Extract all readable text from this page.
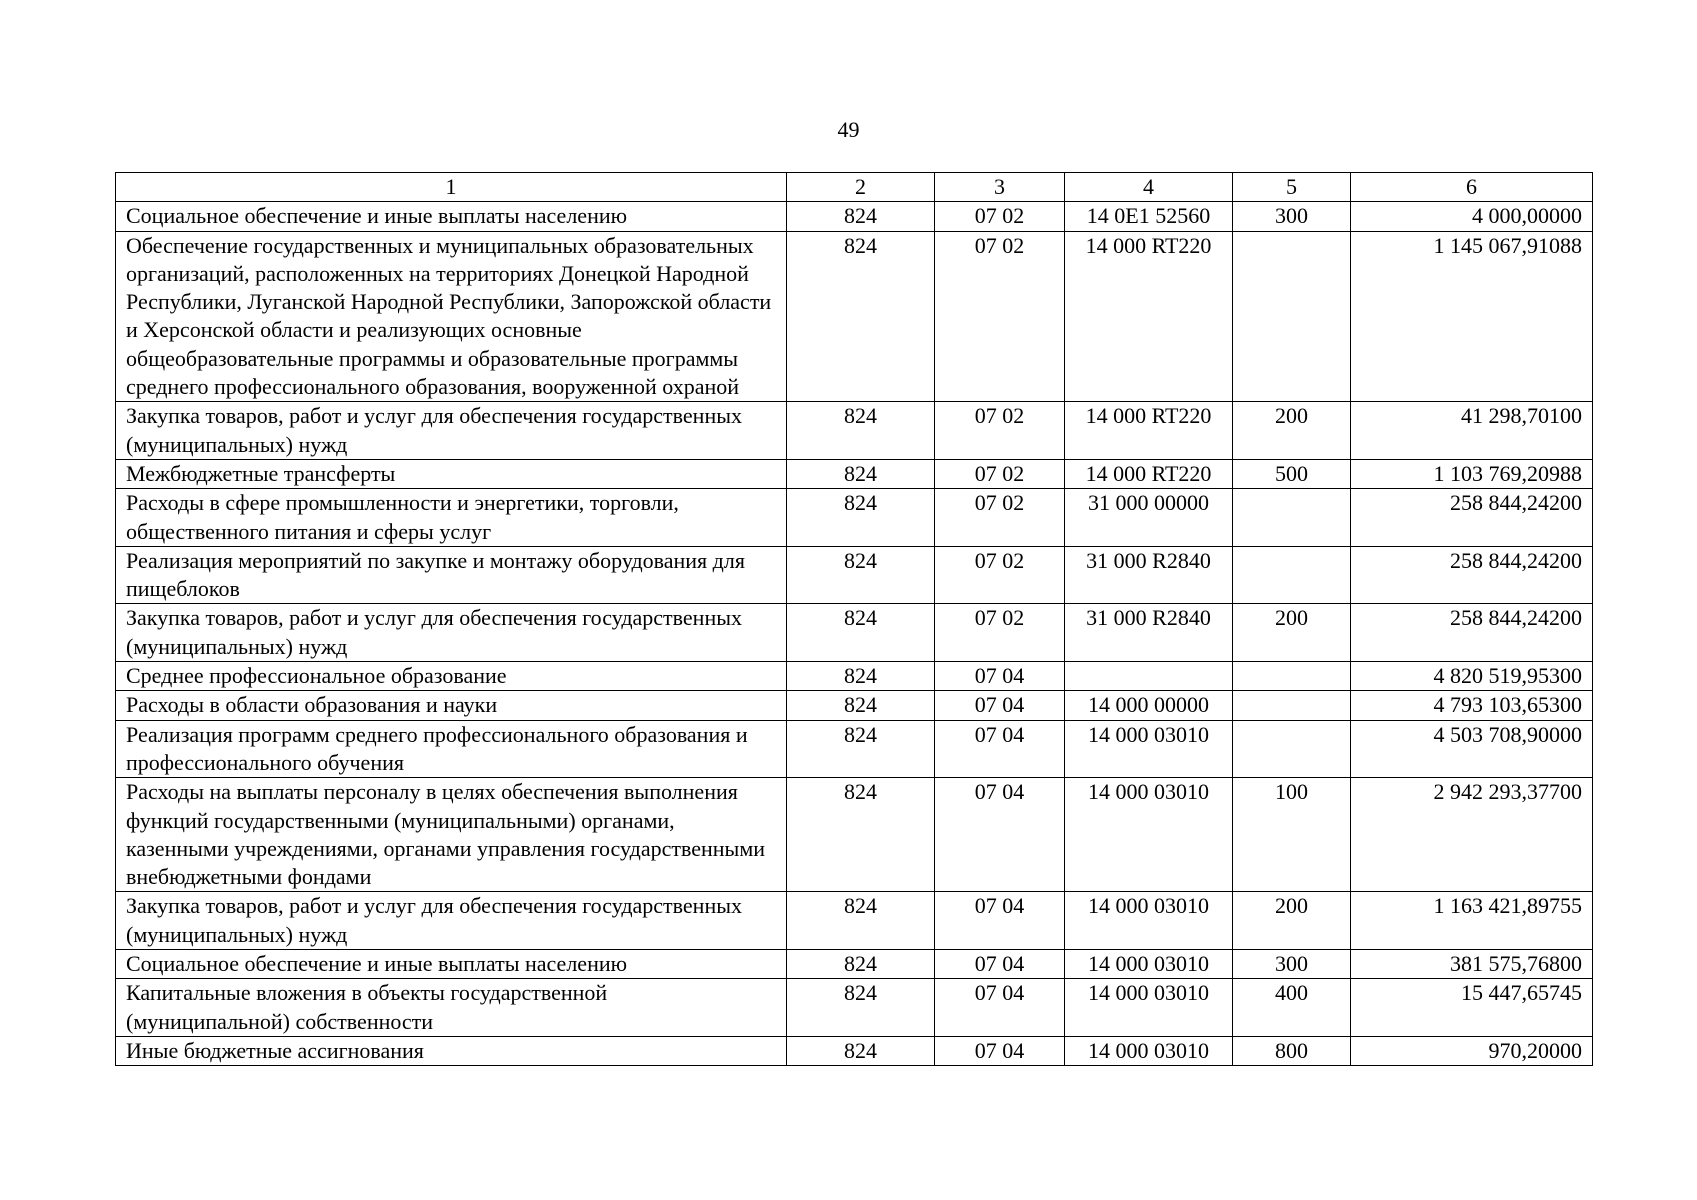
49
1	2	3	4	5	6
Социальное обеспечение и иные выплаты населению	824	07 02	14 0E1 52560	300	4 000,00000
Обеспечение государственных и муниципальных образовательных организаций, расположенных на территориях Донецкой Народной Республики, Луганской Народной Республики, Запорожской области и Херсонской области и реализующих основные общеобразовательные программы и образовательные программы среднего профессионального образования, вооруженной охраной	824	07 02	14 000 RT220		1 145 067,91088
Закупка товаров, работ и услуг для обеспечения государственных (муниципальных) нужд	824	07 02	14 000 RT220	200	41 298,70100
Межбюджетные трансферты	824	07 02	14 000 RT220	500	1 103 769,20988
Расходы в сфере промышленности и энергетики, торговли, общественного питания и сферы услуг	824	07 02	31 000 00000		258 844,24200
Реализация мероприятий по закупке и монтажу оборудования для пищеблоков	824	07 02	31 000 R2840		258 844,24200
Закупка товаров, работ и услуг для обеспечения государственных (муниципальных) нужд	824	07 02	31 000 R2840	200	258 844,24200
Среднее профессиональное образование	824	07 04			4 820 519,95300
Расходы в области образования и науки	824	07 04	14 000 00000		4 793 103,65300
Реализация программ среднего профессионального образования и профессионального обучения	824	07 04	14 000 03010		4 503 708,90000
Расходы на выплаты персоналу в целях обеспечения выполнения функций государственными (муниципальными) органами, казенными учреждениями, органами управления государственными внебюджетными фондами	824	07 04	14 000 03010	100	2 942 293,37700
Закупка товаров, работ и услуг для обеспечения государственных (муниципальных) нужд	824	07 04	14 000 03010	200	1 163 421,89755
Социальное обеспечение и иные выплаты населению	824	07 04	14 000 03010	300	381 575,76800
Капитальные вложения в объекты государственной (муниципальной) собственности	824	07 04	14 000 03010	400	15 447,65745
Иные бюджетные ассигнования	824	07 04	14 000 03010	800	970,20000
